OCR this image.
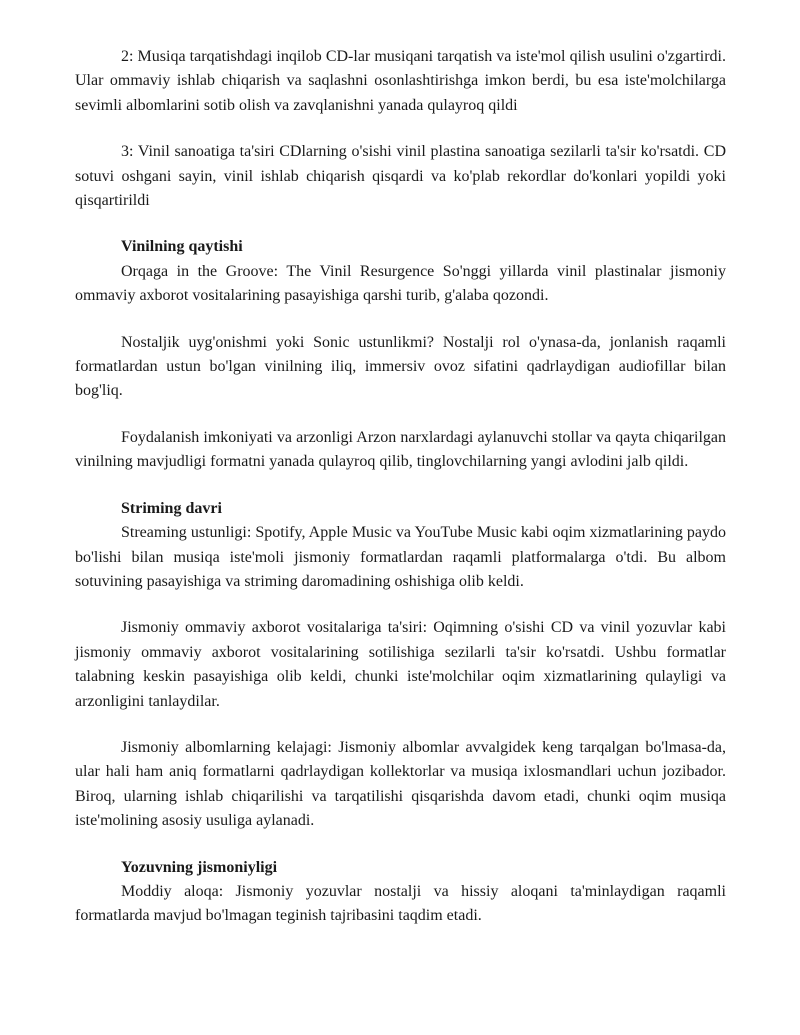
2: Musiqa tarqatishdagi inqilob CD-lar musiqani tarqatish va iste'mol qilish usulini o'zgartirdi. Ular ommaviy ishlab chiqarish va saqlashni osonlashtirishga imkon berdi, bu esa iste'molchilarga sevimli albomlarini sotib olish va zavqlanishni yanada qulayroq qildi

3: Vinil sanoatiga ta'siri CDlarning o'sishi vinil plastina sanoatiga sezilarli ta'sir ko'rsatdi. CD sotuvi oshgani sayin, vinil ishlab chiqarish qisqardi va ko'plab rekordlar do'konlari yopildi yoki qisqartirildi

Vinilning qaytishi

Orqaga in the Groove: The Vinil Resurgence So'nggi yillarda vinil plastinalar jismoniy ommaviy axborot vositalarining pasayishiga qarshi turib, g'alaba qozondi.

Nostaljik uyg'onishmi yoki Sonic ustunlikmi? Nostalji rol o'ynasa-da, jonlanish raqamli formatlardan ustun bo'lgan vinilning iliq, immersiv ovoz sifatini qadrlaydigan audiofillar bilan bog'liq.

Foydalanish imkoniyati va arzonligi Arzon narxlardagi aylanuvchi stollar va qayta chiqarilgan vinilning mavjudligi formatni yanada qulayroq qilib, tinglovchilarning yangi avlodini jalb qildi.

Striming davri

Streaming ustunligi: Spotify, Apple Music va YouTube Music kabi oqim xizmatlarining paydo bo'lishi bilan musiqa iste'moli jismoniy formatlardan raqamli platformalarga o'tdi. Bu albom sotuvining pasayishiga va striming daromadining oshishiga olib keldi.

Jismoniy ommaviy axborot vositalariga ta'siri: Oqimning o'sishi CD va vinil yozuvlar kabi jismoniy ommaviy axborot vositalarining sotilishiga sezilarli ta'sir ko'rsatdi. Ushbu formatlar talabning keskin pasayishiga olib keldi, chunki iste'molchilar oqim xizmatlarining qulayligi va arzonligini tanlaydilar.

Jismoniy albomlarning kelajagi: Jismoniy albomlar avvalgidek keng tarqalgan bo'lmasa-da, ular hali ham aniq formatlarni qadrlaydigan kollektorlar va musiqa ixlosmandlari uchun jozibador. Biroq, ularning ishlab chiqarilishi va tarqatilishi qisqarishda davom etadi, chunki oqim musiqa iste'molining asosiy usuliga aylanadi.

Yozuvning jismoniyligi

Moddiy aloqa: Jismoniy yozuvlar nostalji va hissiy aloqani ta'minlaydigan raqamli formatlarda mavjud bo'lmagan teginish tajribasini taqdim etadi.
